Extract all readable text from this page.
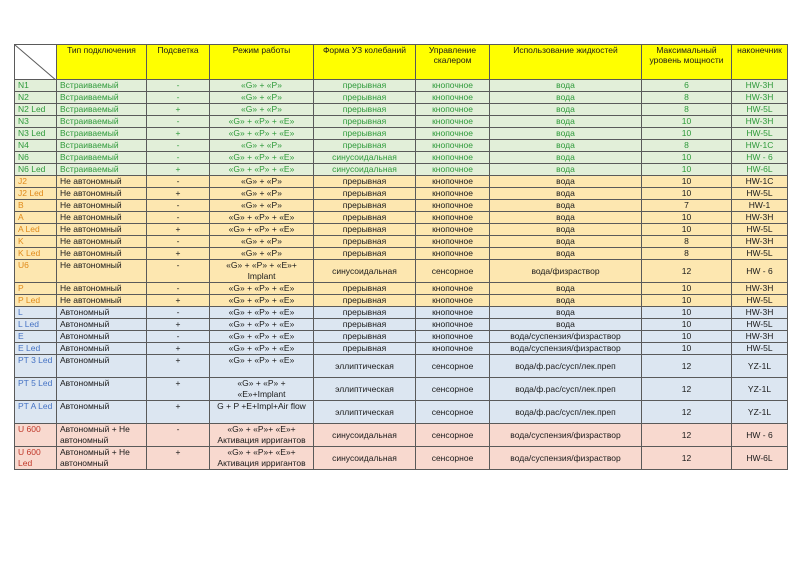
	Тип подключения	Подсветка	Режим работы	Форма УЗ колебаний	Управление скалером	Использование жидкостей	Максимальный уровень мощности	наконечник
N1	Встраиваемый	-	«G» + «P»	прерывная	кнопочное	вода	6	HW-3H
N2	Встраиваемый	-	«G» + «P»	прерывная	кнопочное	вода	8	HW-3H
N2 Led	Встраиваемый	+	«G» + «P»	прерывная	кнопочное	вода	8	HW-5L
N3	Встраиваемый	-	«G» + «P» + «E»	прерывная	кнопочное	вода	10	HW-3H
N3 Led	Встраиваемый	+	«G» + «P» + «E»	прерывная	кнопочное	вода	10	HW-5L
N4	Встраиваемый	-	«G» + «P»	прерывная	кнопочное	вода	8	HW-1C
N6	Встраиваемый	-	«G» + «P» + «E»	синусоидальная	кнопочное	вода	10	HW - 6
N6 Led	Встраиваемый	+	«G» + «P» + «E»	синусоидальная	кнопочное	вода	10	HW-6L
J2	Не автономный	-	«G» + «P»	прерывная	кнопочное	вода	10	HW-1C
J2 Led	Не автономный	+	«G» + «P»	прерывная	кнопочное	вода	10	HW-5L
B	Не автономный	-	«G» + «P»	прерывная	кнопочное	вода	7	HW-1
A	Не автономный	-	«G» + «P» + «E»	прерывная	кнопочное	вода	10	HW-3H
A Led	Не автономный	+	«G» + «P» + «E»	прерывная	кнопочное	вода	10	HW-5L
K	Не автономный	-	«G» + «P»	прерывная	кнопочное	вода	8	HW-3H
K Led	Не автономный	+	«G» + «P»	прерывная	кнопочное	вода	8	HW-5L
U6	Не автономный	-	«G» + «P» + «E»+ Implant	синусоидальная	сенсорное	вода/физраствор	12	HW - 6
P	Не автономный	-	«G» + «P» + «E»	прерывная	кнопочное	вода	10	HW-3H
P Led	Не автономный	+	«G» + «P» + «E»	прерывная	кнопочное	вода	10	HW-5L
L	Автономный	-	«G» + «P» + «E»	прерывная	кнопочное	вода	10	HW-3H
L Led	Автономный	+	«G» + «P» + «E»	прерывная	кнопочное	вода	10	HW-5L
E	Автономный	-	«G» + «P» + «E»	прерывная	кнопочное	вода/суспензия/физраствор	10	HW-3H
E Led	Автономный	+	«G» + «P» + «E»	прерывная	кнопочное	вода/суспензия/физраствор	10	HW-5L
PT 3 Led	Автономный	+	«G» + «P» + «E»	эллиптическая	сенсорное	вода/ф.рас/сусп/лек.преп	12	YZ-1L
PT 5 Led	Автономный	+	«G» + «P» + «E»+Implant	эллиптическая	сенсорное	вода/ф.рас/сусп/лек.преп	12	YZ-1L
PT A Led	Автономный	+	G + P +E+Impl+Air flow	эллиптическая	сенсорное	вода/ф.рас/сусп/лек.преп	12	YZ-1L
U 600	Автономный + Не автономный	-	«G» + «P»+ «E»+ Активация ирригантов	синусоидальная	сенсорное	вода/суспензия/физраствор	12	HW - 6
U 600 Led	Автономный + Не автономный	+	«G» + «P»+ «E»+ Активация ирригантов	синусоидальная	сенсорное	вода/суспензия/физраствор	12	HW-6L
